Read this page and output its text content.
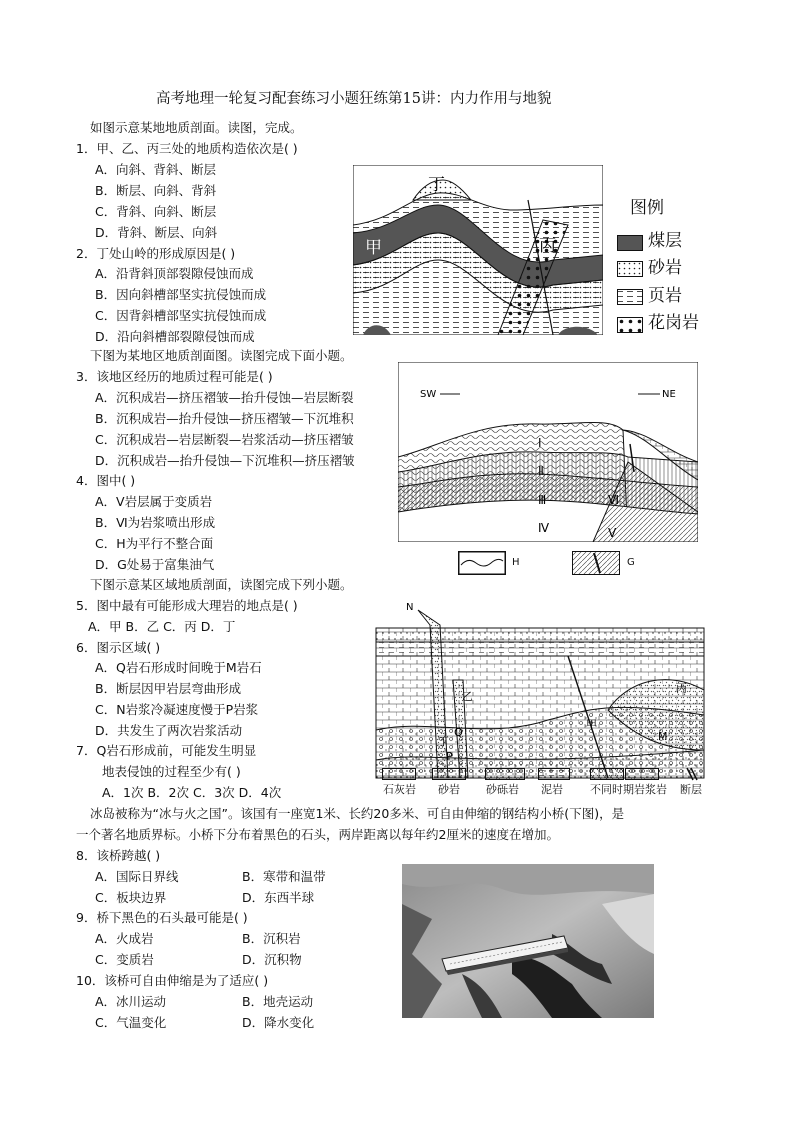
高考地理一轮复习配套练习小题狂练第15讲：内力作用与地貌
如图示意某地地质剖面。读图，完成。
1．甲、乙、丙三处的地质构造依次是( )
A．向斜、背斜、断层
B．断层、向斜、背斜
C．背斜、向斜、断层
D．背斜、断层、向斜
2．丁处山岭的形成原因是( )
A．沿背斜顶部裂隙侵蚀而成
B．因向斜槽部坚实抗侵蚀而成
C．因背斜槽部坚实抗侵蚀而成
D．沿向斜槽部裂隙侵蚀而成
丁
甲
乙
丙
图例
煤层
砂岩
页岩
花岗岩
下图为某地区地质剖面图。读图完成下面小题。
3．该地区经历的地质过程可能是( )
A．沉积成岩—挤压褶皱—抬升侵蚀—岩层断裂
B．沉积成岩—抬升侵蚀—挤压褶皱—下沉堆积
C．沉积成岩—岩层断裂—岩浆活动—挤压褶皱
D．沉积成岩—抬升侵蚀—下沉堆积—挤压褶皱
4．图中( )
A．Ⅴ岩层属于变质岩
B．Ⅵ为岩浆喷出形成
C．H为平行不整合面
D．G处易于富集油气
SW	NE
Ⅰ
Ⅱ
Ⅲ
Ⅳ	Ⅴ
Ⅵ
H	G
下图示意某区域地质剖面，读图完成下列小题。
5．图中最有可能形成大理岩的地点是( )
A．甲 B．乙 C．丙 D．丁
6．图示区域( )
A．Q岩石形成时间晚于M岩石
B．断层因甲岩层弯曲形成
C．N岩浆冷凝速度慢于P岩浆
D．共发生了两次岩浆活动
7．Q岩石形成前，可能发生明显
地表侵蚀的过程至少有( )
A．1次 B．2次 C．3次 D．4次
N
甲
乙
丙
丁	M
P
Q
石灰岩 砂岩 砂砾岩 泥岩 不同时期岩浆岩 断层
冰岛被称为“冰与火之国”。该国有一座宽1米、长约20多米、可自由伸缩的钢结构小桥(下图)，是
一个著名地质界标。小桥下分布着黑色的石头，两岸距离以每年约2厘米的速度在增加。
8．该桥跨越( )
A．国际日界线	B．寒带和温带
C．板块边界	D．东西半球
9．桥下黑色的石头最可能是( )
A．火成岩	B．沉积岩
C．变质岩	D．沉积物
10．该桥可自由伸缩是为了适应( )
A．冰川运动	B．地壳运动
C．气温变化	D．降水变化
